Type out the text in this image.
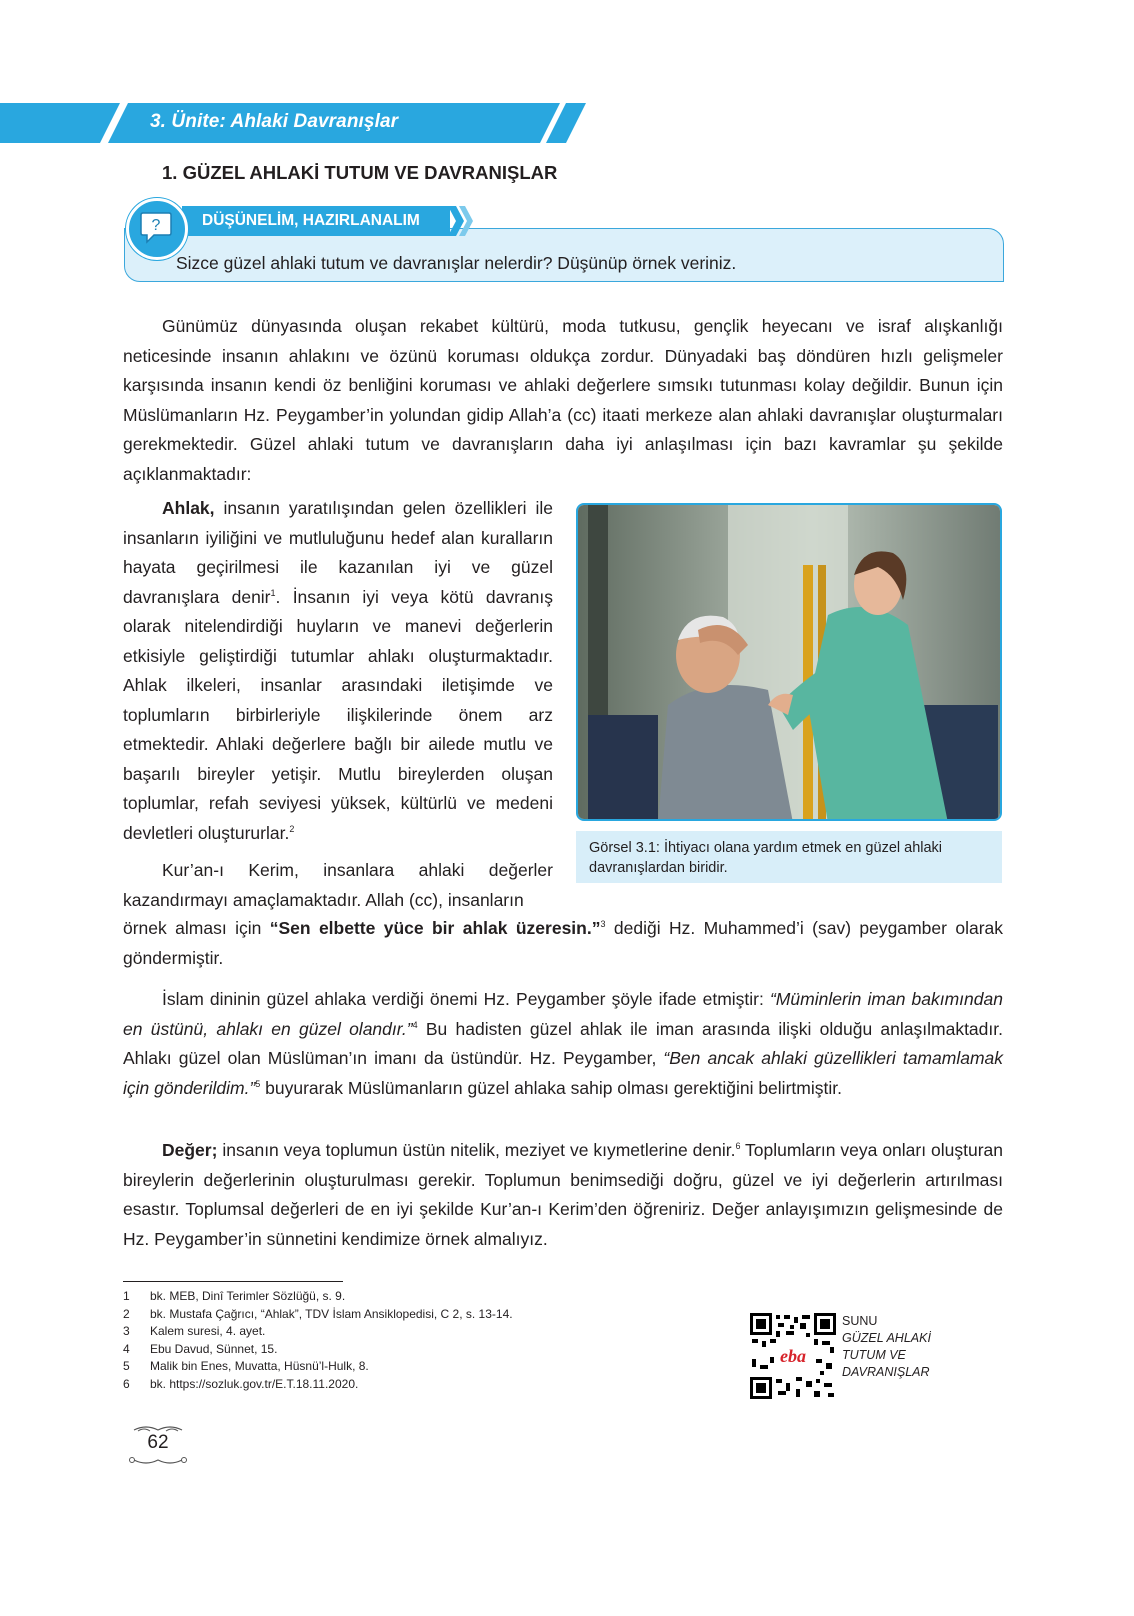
3. Ünite: Ahlaki Davranışlar
1. GÜZEL AHLAKİ TUTUM VE DAVRANIŞLAR
DÜŞÜNELİM, HAZIRLANALIM
?
Sizce güzel ahlaki tutum ve davranışlar nelerdir? Düşünüp örnek veriniz.

Günümüz dünyasında oluşan rekabet kültürü, moda tutkusu, gençlik heyecanı ve israf alışkanlığı neticesinde insanın ahlakını ve özünü koruması oldukça zordur. Dünyadaki baş döndüren hızlı gelişmeler karşısında insanın kendi öz benliğini koruması ve ahlaki değerlere sımsıkı tutunması kolay değildir. Bunun için Müslümanların Hz. Peygamber’in yolundan gidip Allah’a (cc) itaati merkeze alan ahlaki davranışlar oluşturmaları gerekmektedir. Güzel ahlaki tutum ve davranışların daha iyi anlaşılması için bazı kavramlar şu şekilde açıklanmaktadır:

Ahlak, insanın yaratılışından gelen özellikleri ile insanların iyiliğini ve mutluluğunu hedef alan kuralların hayata geçirilmesi ile kazanılan iyi ve güzel davranışlara denir$^1$. İnsanın iyi veya kötü davranış olarak nitelendirdiği huyların ve manevi değerlerin etkisiyle geliştirdiği tutumlar ahlakı oluşturmaktadır. Ahlak ilkeleri, insanlar arasındaki iletişimde ve toplumların birbirleriyle ilişkilerinde önem arz etmektedir. Ahlaki değerlere bağlı bir ailede mutlu ve başarılı bireyler yetişir. Mutlu bireylerden oluşan toplumlar, refah seviyesi yüksek, kültürlü ve medeni devletleri oluştururlar.$^2$

Kur’an-ı Kerim, insanlara ahlaki değerler kazandırmayı amaçlamaktadır. Allah (cc), insanların

örnek alması için “Sen elbette yüce bir ahlak üzeresin.”$^3$ dediği Hz. Muhammed’i (sav) peygamber olarak göndermiştir.

İslam dininin güzel ahlaka verdiği önemi Hz. Peygamber şöyle ifade etmiştir: “Müminlerin iman bakımından en üstünü, ahlakı en güzel olandır.”$^4$ Bu hadisten güzel ahlak ile iman arasında ilişki olduğu anlaşılmaktadır. Ahlakı güzel olan Müslüman’ın imanı da üstündür. Hz. Peygamber, “Ben ancak ahlaki güzellikleri tamamlamak için gönderildim.”$^5$ buyurarak Müslümanların güzel ahlaka sahip olması gerektiğini belirtmiştir.

Değer; insanın veya toplumun üstün nitelik, meziyet ve kıymetlerine denir.$^6$ Toplumların veya onları oluşturan bireylerin değerlerinin oluşturulması gerekir. Toplumun benimsediği doğru, güzel ve iyi değerlerin artırılması esastır. Toplumsal değerleri de en iyi şekilde Kur’an-ı Kerim’den öğreniriz. Değer anlayışımızın gelişmesinde de Hz. Peygamber’in sünnetini kendimize örnek almalıyız.

Görsel 3.1: İhtiyacı olana yardım etmek en güzel ahlaki davranışlardan biridir.
1	bk. MEB, Dinî Terimler Sözlüğü, s. 9.
2	bk. Mustafa Çağrıcı, “Ahlak”, TDV İslam Ansiklopedisi, C 2, s. 13-14.
3	Kalem suresi, 4. ayet.
4	Ebu Davud, Sünnet, 15.
5	Malik bin Enes, Muvatta, Hüsnü’l-Hulk, 8.
6	bk. https://sozluk.gov.tr/E.T.18.11.2020.
eba
SUNU
GÜZEL AHLAKİ
TUTUM VE
DAVRANIŞLAR
62
